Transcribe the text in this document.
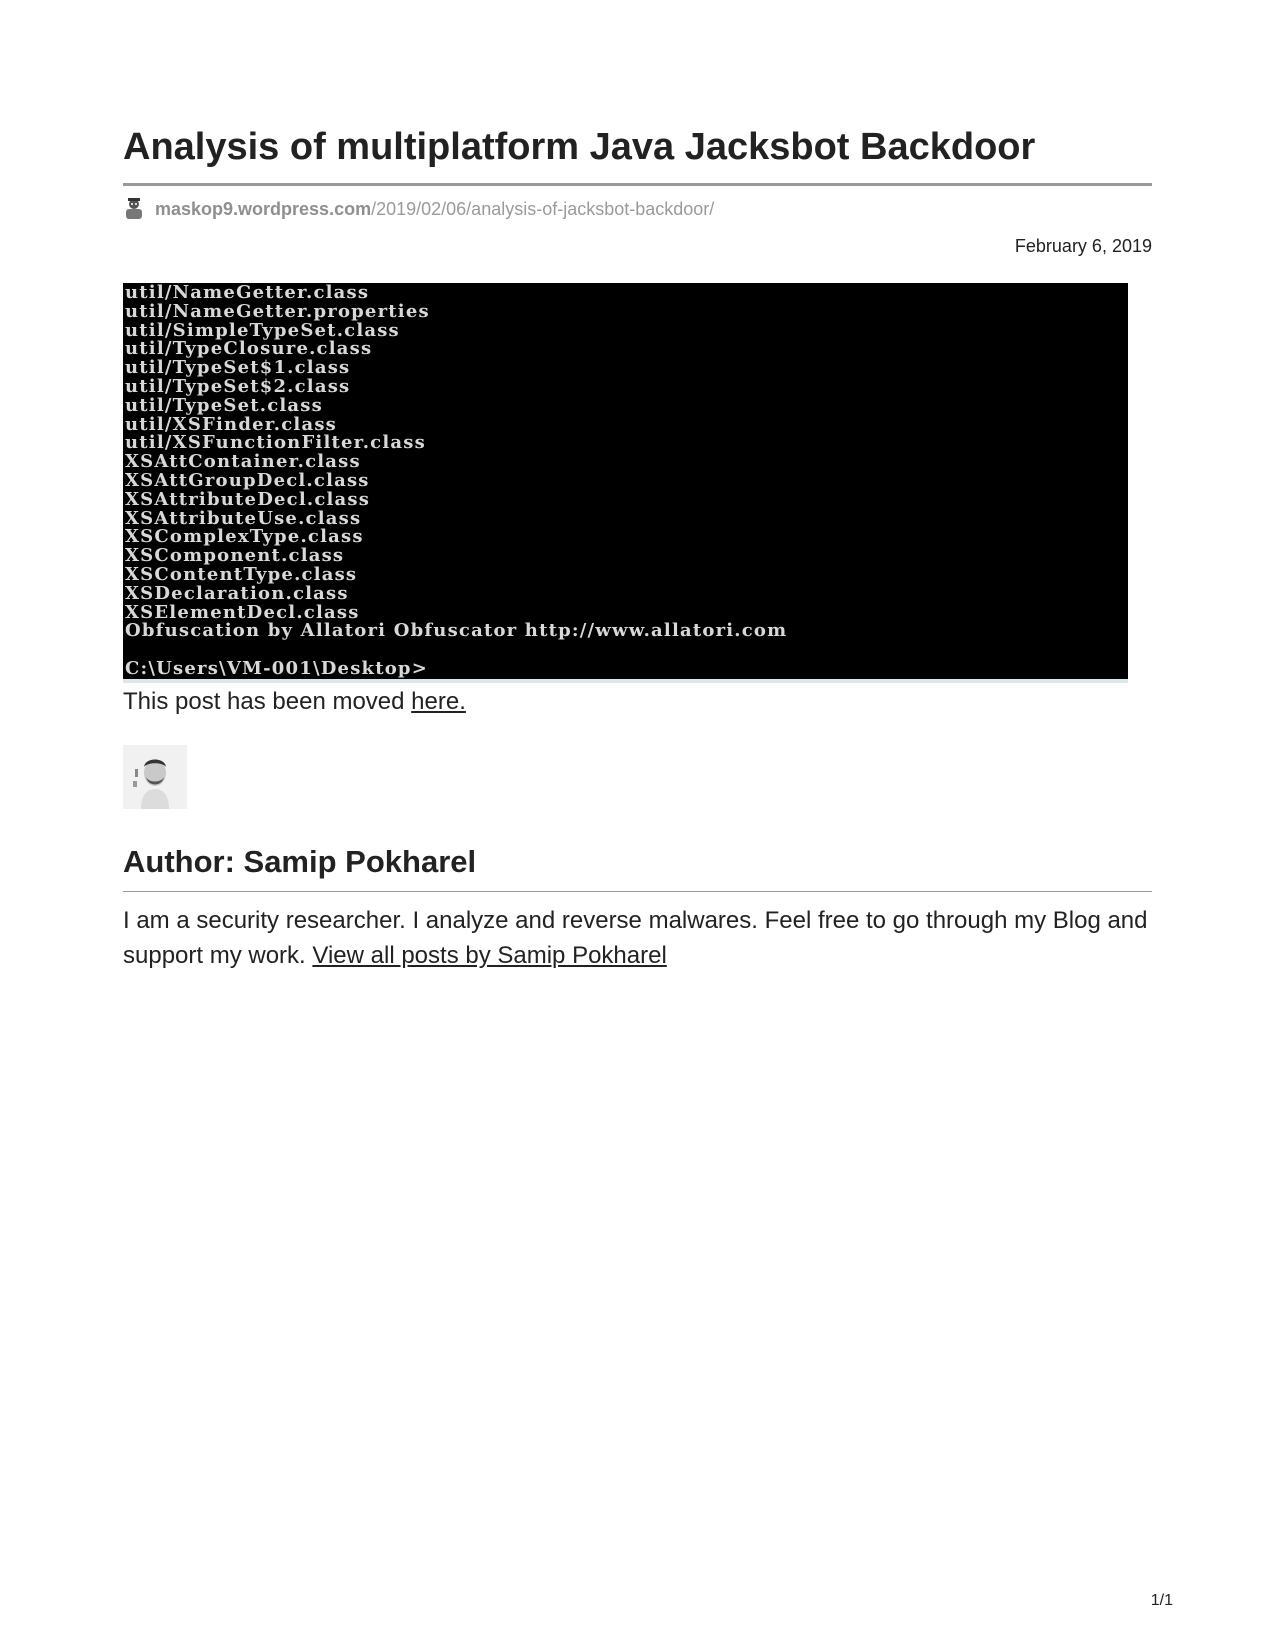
Analysis of multiplatform Java Jacksbot Backdoor
maskop9.wordpress.com /2019/02/06/analysis-of-jacksbot-backdoor/
February 6, 2019
util/NameGetter.class
util/NameGetter.properties
util/SimpleTypeSet.class
util/TypeClosure.class
util/TypeSet$1.class
util/TypeSet$2.class
util/TypeSet.class
util/XSFinder.class
util/XSFunctionFilter.class
XSAttContainer.class
XSAttGroupDecl.class
XSAttributeDecl.class
XSAttributeUse.class
XSComplexType.class
XSComponent.class
XSContentType.class
XSDeclaration.class
XSElementDecl.class
Obfuscation by Allatori Obfuscator http://www.allatori.com
C:\Users\VM-001\Desktop>
This post has been moved here.
Author: Samip Pokharel

I am a security researcher. I analyze and reverse malwares. Feel free to go through my Blog and support my work. View all posts by Samip Pokharel

1/1
